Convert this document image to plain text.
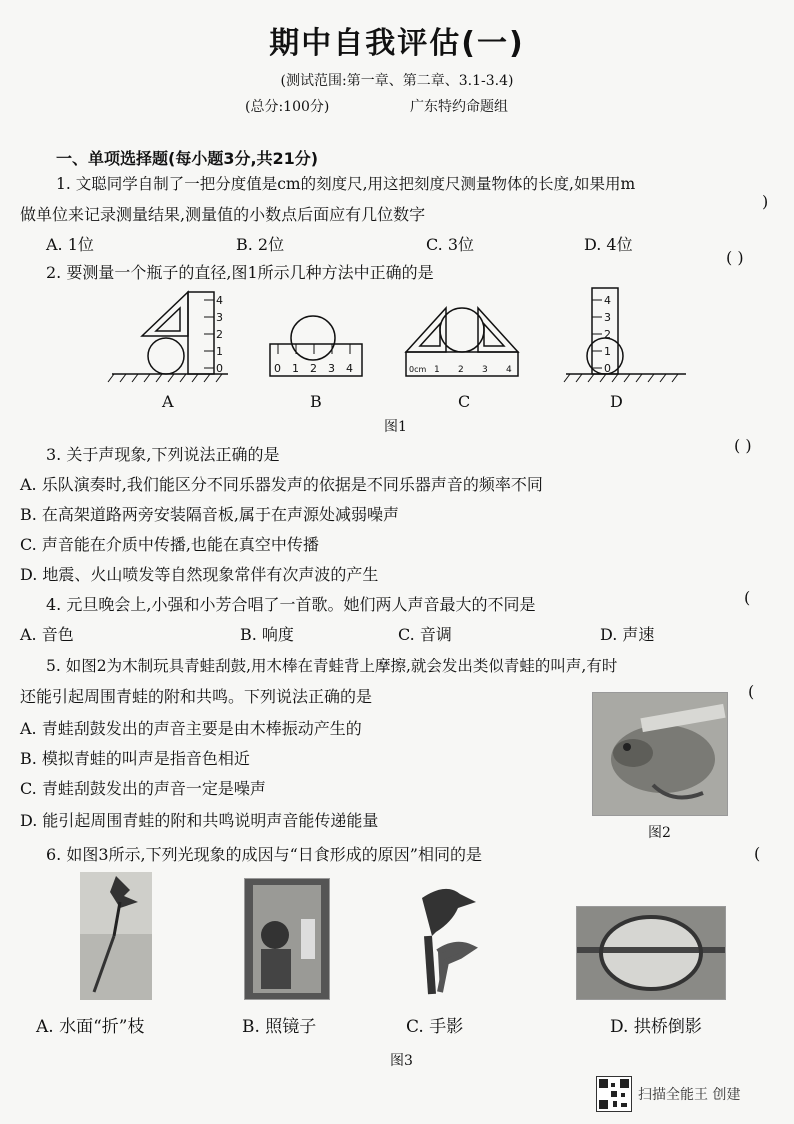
期中自我评估(一)
(测试范围:第一章、第二章、3.1-3.4)
(总分:100分)	广东特约命题组
一、单项选择题(每小题3分,共21分)
1. 文聪同学自制了一把分度值是cm的刻度尺,用这把刻度尺测量物体的长度,如果用m
做单位来记录测量结果,测量值的小数点后面应有几位数字
)
A. 1位	B. 2位	C. 3位	D. 4位
2. 要测量一个瓶子的直径,图1所示几种方法中正确的是
( )
4
3
2
1
0	0 1 2 3 4	0cm 1 2 3 4
4
3
2
1
0
A	B	C	D
图1
3. 关于声现象,下列说法正确的是	( )
A. 乐队演奏时,我们能区分不同乐器发声的依据是不同乐器声音的频率不同
B. 在高架道路两旁安装隔音板,属于在声源处减弱噪声
C. 声音能在介质中传播,也能在真空中传播
D. 地震、火山喷发等自然现象常伴有次声波的产生
4. 元旦晚会上,小强和小芳合唱了一首歌。她们两人声音最大的不同是	(
A. 音色	B. 响度	C. 音调	D. 声速
5. 如图2为木制玩具青蛙刮鼓,用木棒在青蛙背上摩擦,就会发出类似青蛙的叫声,有时
还能引起周围青蛙的附和共鸣。下列说法正确的是	(
A. 青蛙刮鼓发出的声音主要是由木棒振动产生的
B. 模拟青蛙的叫声是指音色相近
C. 青蛙刮鼓发出的声音一定是噪声
D. 能引起周围青蛙的附和共鸣说明声音能传递能量
图2
6. 如图3所示,下列光现象的成因与“日食形成的原因”相同的是	(
A. 水面“折”枝	B. 照镜子	C. 手影	D. 拱桥倒影
图3
扫描全能王 创建
